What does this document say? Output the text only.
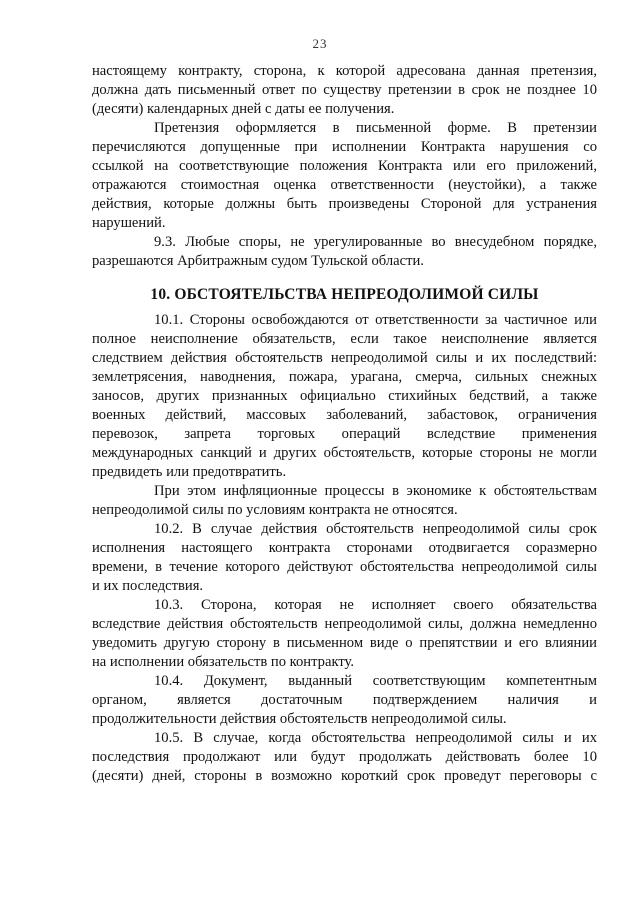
23
настоящему контракту, сторона, к которой адресована данная претензия,
должна дать письменный ответ по существу претензии в срок не позднее 10
(десяти) календарных дней с даты ее получения.
Претензия оформляется в письменной форме. В претензии
перечисляются допущенные при исполнении Контракта нарушения со
ссылкой на соответствующие положения Контракта или его приложений,
отражаются стоимостная оценка ответственности (неустойки), а также
действия, которые должны быть произведены Стороной для устранения
нарушений.
9.3. Любые споры, не урегулированные во внесудебном порядке,
разрешаются Арбитражным судом Тульской области.
10. ОБСТОЯТЕЛЬСТВА НЕПРЕОДОЛИМОЙ СИЛЫ
10.1. Стороны освобождаются от ответственности за частичное или
полное неисполнение обязательств, если такое неисполнение является
следствием действия обстоятельств непреодолимой силы и их последствий:
землетрясения, наводнения, пожара, урагана, смерча, сильных снежных
заносов, других признанных официально стихийных бедствий, а также
военных действий, массовых заболеваний, забастовок, ограничения
перевозок, запрета торговых операций вследствие применения
международных санкций и других обстоятельств, которые стороны не могли
предвидеть или предотвратить.
При этом инфляционные процессы в экономике к обстоятельствам
непреодолимой силы по условиям контракта не относятся.
10.2. В случае действия обстоятельств непреодолимой силы срок
исполнения настоящего контракта сторонами отодвигается соразмерно
времени, в течение которого действуют обстоятельства непреодолимой силы
и их последствия.
10.3. Сторона, которая не исполняет своего обязательства
вследствие действия обстоятельств непреодолимой силы, должна немедленно
уведомить другую сторону в письменном виде о препятствии и его влиянии
на исполнении обязательств по контракту.
10.4. Документ, выданный соответствующим компетентным
органом, является достаточным подтверждением наличия и
продолжительности действия обстоятельств непреодолимой силы.
10.5. В случае, когда обстоятельства непреодолимой силы и их
последствия продолжают или будут продолжать действовать более 10
(десяти) дней, стороны в возможно короткий срок проведут переговоры с
